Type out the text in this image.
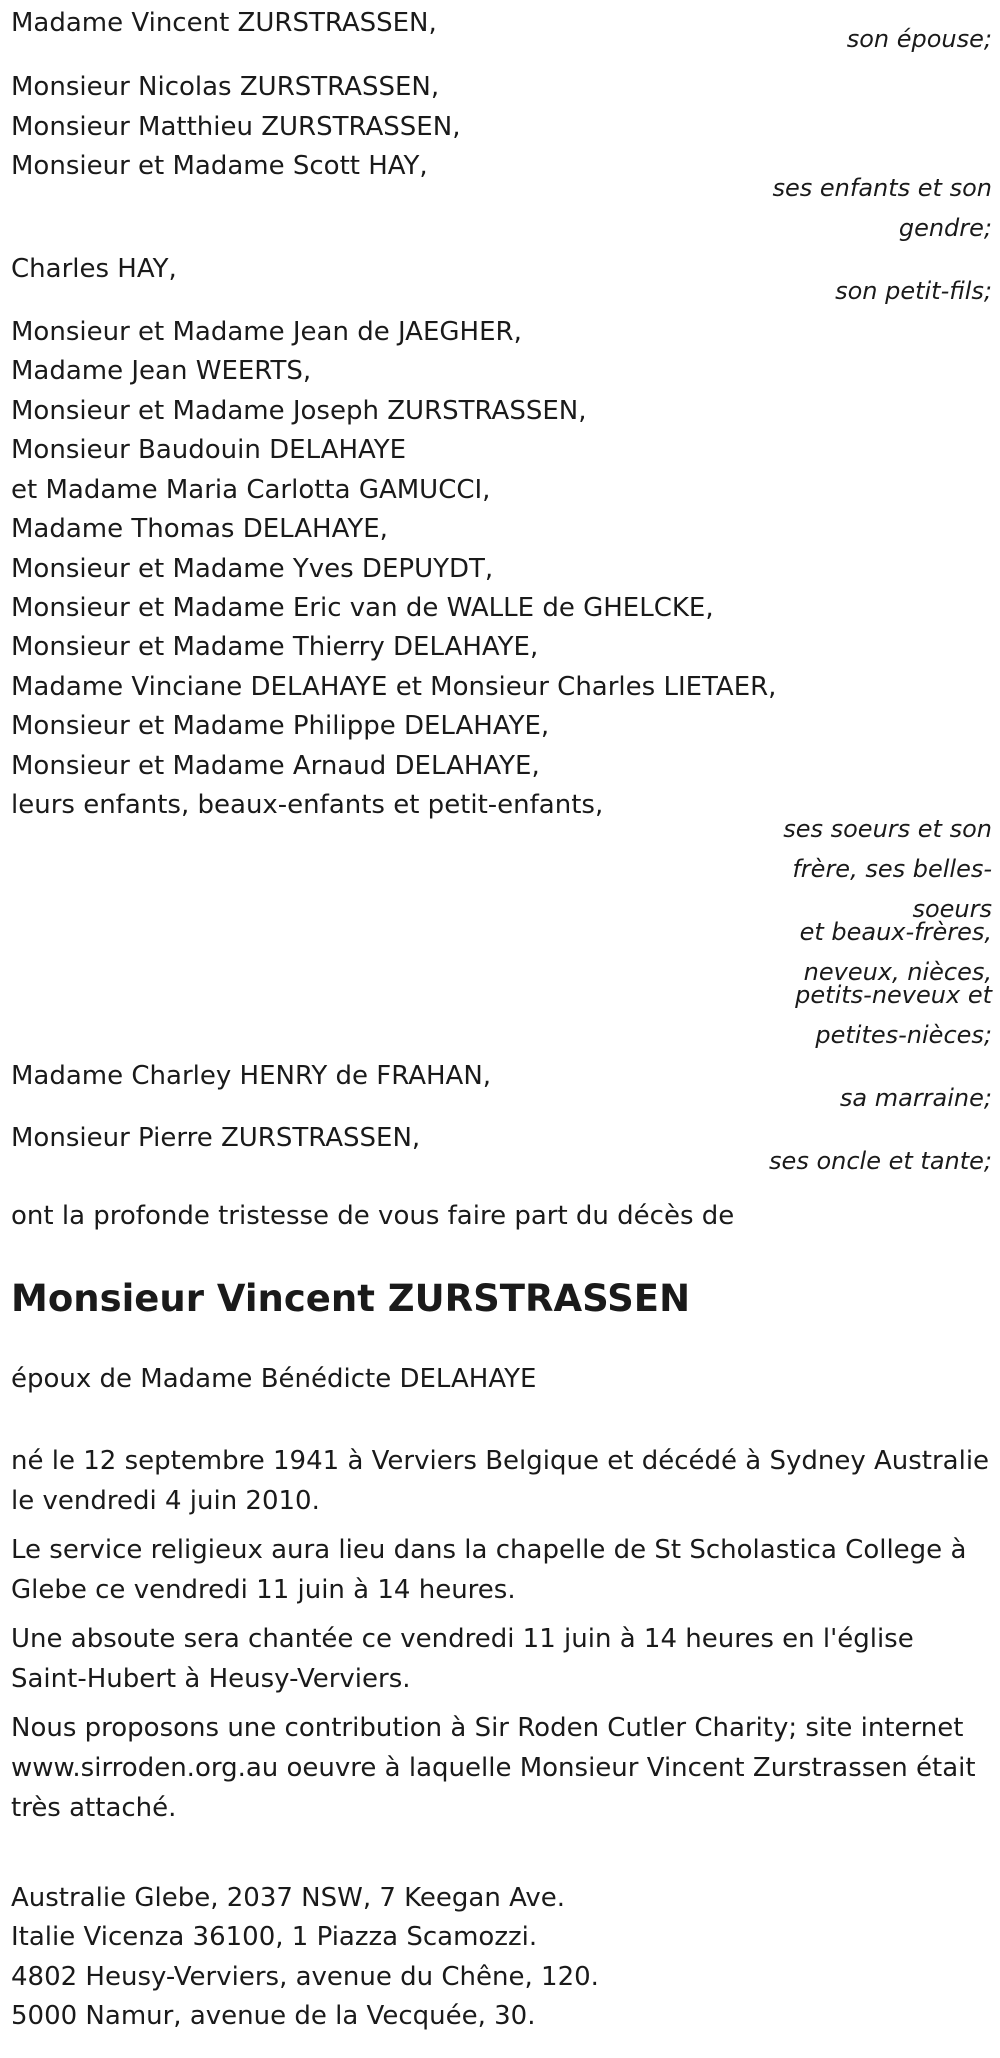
Madame Vincent ZURSTRASSEN,
son épouse;
Monsieur Nicolas ZURSTRASSEN,
Monsieur Matthieu ZURSTRASSEN,
Monsieur et Madame Scott HAY,
ses enfants et son
gendre;
Charles HAY,
son petit-fils;
Monsieur et Madame Jean de JAEGHER,
Madame Jean WEERTS,
Monsieur et Madame Joseph ZURSTRASSEN,
Monsieur Baudouin DELAHAYE
et Madame Maria Carlotta GAMUCCI,
Madame Thomas DELAHAYE,
Monsieur et Madame Yves DEPUYDT,
Monsieur et Madame Eric van de WALLE de GHELCKE,
Monsieur et Madame Thierry DELAHAYE,
Madame Vinciane DELAHAYE et Monsieur Charles LIETAER,
Monsieur et Madame Philippe DELAHAYE,
Monsieur et Madame Arnaud DELAHAYE,
leurs enfants, beaux-enfants et petit-enfants,
ses soeurs et son
frère, ses belles-
soeurs
et beaux-frères,
neveux, nièces,
petits-neveux et
petites-nièces;
Madame Charley HENRY de FRAHAN,
sa marraine;
Monsieur Pierre ZURSTRASSEN,
ses oncle et tante;
ont la profonde tristesse de vous faire part du décès de
Monsieur Vincent ZURSTRASSEN
époux de Madame Bénédicte DELAHAYE
né le 12 septembre 1941 à Verviers Belgique et décédé à Sydney Australie le vendredi 4 juin 2010.
Le service religieux aura lieu dans la chapelle de St Scholastica College à Glebe ce vendredi 11 juin à 14 heures.
Une absoute sera chantée ce vendredi 11 juin à 14 heures en l'église Saint-Hubert à Heusy-Verviers.
Nous proposons une contribution à Sir Roden Cutler Charity; site internet www.sirroden.org.au oeuvre à laquelle Monsieur Vincent Zurstrassen était très attaché.
Australie Glebe, 2037 NSW, 7 Keegan Ave.
Italie Vicenza 36100, 1 Piazza Scamozzi.
4802 Heusy-Verviers, avenue du Chêne, 120.
5000 Namur, avenue de la Vecquée, 30.
